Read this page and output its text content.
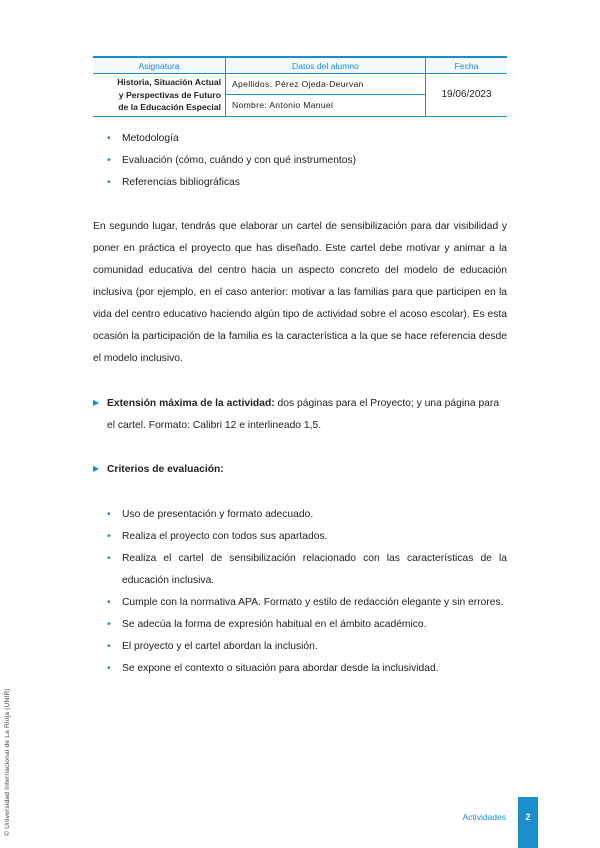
Asignatura	Datos del alumno	Fecha

Historia, Situación Actual
y Perspectivas de Futuro
de la Educación Especial	Apellidos: Pérez Ojeda-Deurvan	19/06/2023
	Nombre: Antonio Manuel	
• Metodología
• Evaluación (cómo, cuándo y con qué instrumentos)
• Referencias bibliográficas

En segundo lugar, tendrás que elaborar un cartel de sensibilización para dar visibilidad y poner en práctica el proyecto que has diseñado. Este cartel debe motivar y animar a la comunidad educativa del centro hacia un aspecto concreto del modelo de educación inclusiva (por ejemplo, en el caso anterior: motivar a las familias para que participen en la vida del centro educativo haciendo algún tipo de actividad sobre el acoso escolar). Es esta ocasión la participación de la familia es la característica a la que se hace referencia desde el modelo inclusivo.

▶ Extensión máxima de la actividad: dos páginas para el Proyecto; y una página para
el cartel. Formato: Calibri 12 e interlineado 1,5.
▶ Criterios de evaluación:
•	Uso de presentación y formato adecuado.
•	Realiza el proyecto con todos sus apartados.
•	Realiza el cartel de sensibilización relacionado con las características de la educación inclusiva.
•	Cumple con la normativa APA. Formato y estilo de redacción elegante y sin errores.
•	Se adecúa la forma de expresión habitual en el ámbito académico.
•	El proyecto y el cartel abordan la inclusión.
•	Se expone el contexto o situación para abordar desde la inclusividad.
© Universidad Internacional de La Rioja (UNIR)	Actividades	2
